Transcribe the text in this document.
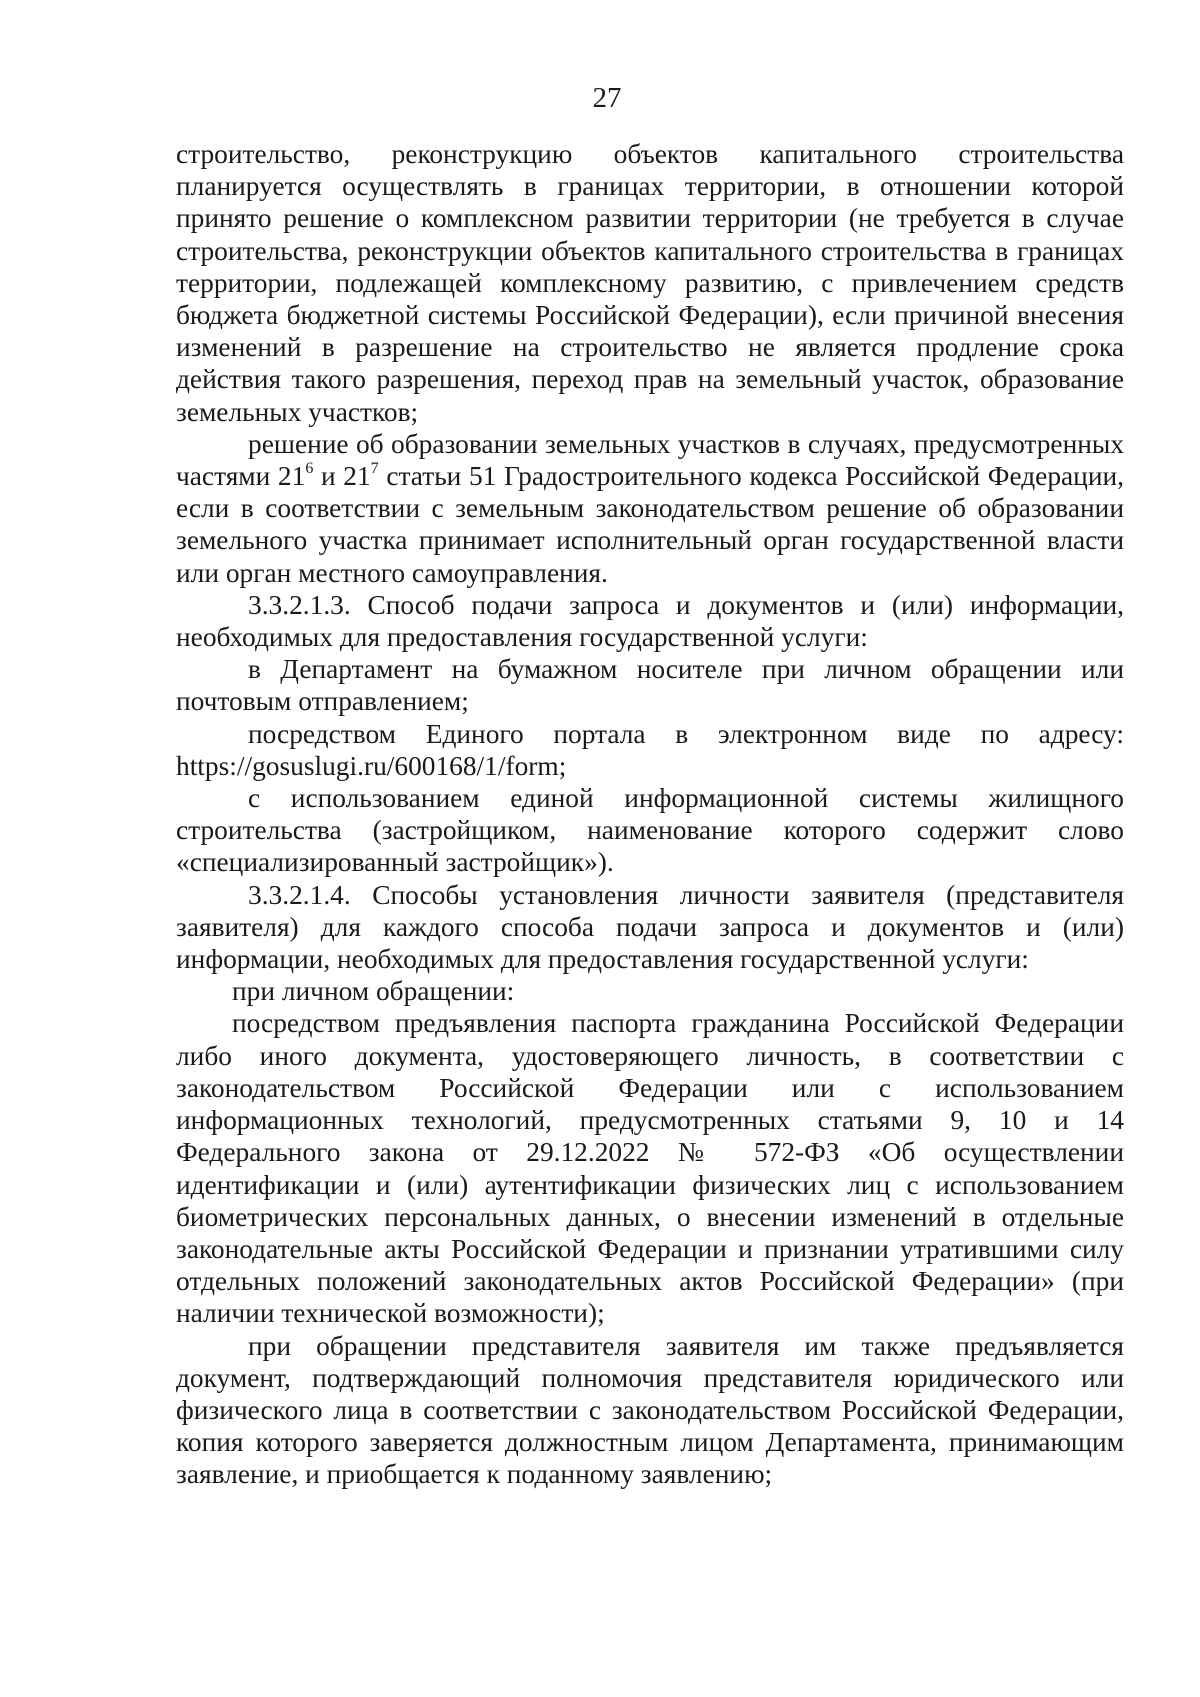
27

строительство, реконструкцию объектов капитального строительства планируется осуществлять в границах территории, в отношении которой принято решение о комплексном развитии территории (не требуется в случае строительства, реконструкции объектов капитального строительства в границах территории, подлежащей комплексному развитию, с привлечением средств бюджета бюджетной системы Российской Федерации), если причиной внесения изменений в разрешение на строительство не является продление срока действия такого разрешения, переход прав на земельный участок, образование земельных участков;

решение об образовании земельных участков в случаях, предусмотренных частями $21^6$ и $21^7$ статьи 51 Градостроительного кодекса Российской Федерации, если в соответствии с земельным законодательством решение об образовании земельного участка принимает исполнительный орган государственной власти или орган местного самоуправления.

3.3.2.1.3. Способ подачи запроса и документов и (или) информации, необходимых для предоставления государственной услуги:

в Департамент на бумажном носителе при личном обращении или почтовым отправлением;

посредством Единого портала в электронном виде по адресу: https://gosuslugi.ru/600168/1/form;

с использованием единой информационной системы жилищного строительства (застройщиком, наименование которого содержит слово «специализированный застройщик»).

3.3.2.1.4. Способы установления личности заявителя (представителя заявителя) для каждого способа подачи запроса и документов и (или) информации, необходимых для предоставления государственной услуги:

при личном обращении:

посредством предъявления паспорта гражданина Российской Федерации либо иного документа, удостоверяющего личность, в соответствии с законодательством Российской Федерации или с использованием информационных технологий, предусмотренных статьями 9, 10 и 14 Федерального закона от 29.12.2022 № 572-ФЗ «Об осуществлении идентификации и (или) аутентификации физических лиц с использованием биометрических персональных данных, о внесении изменений в отдельные законодательные акты Российской Федерации и признании утратившими силу отдельных положений законодательных актов Российской Федерации» (при наличии технической возможности);

при обращении представителя заявителя им также предъявляется документ, подтверждающий полномочия представителя юридического или физического лица в соответствии с законодательством Российской Федерации, копия которого заверяется должностным лицом Департамента, принимающим заявление, и приобщается к поданному заявлению;
